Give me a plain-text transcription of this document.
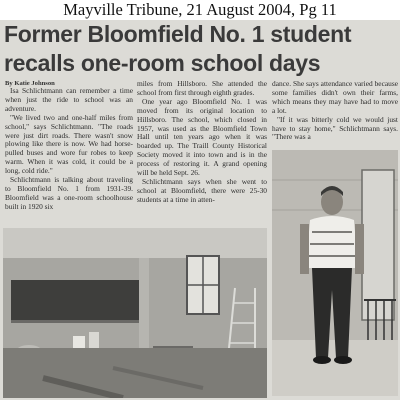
Mayville Tribune, 21 August 2004, Pg 11
Former Bloomfield No. 1 student
recalls one-room school days
By Katie Johnson

Isa Schlichtmann can remember a time when just the ride to school was an adventure.

"We lived two and one-half miles from school," says Schlichtmann. "The roads were just dirt roads. There wasn't snow plowing like there is now. We had horse-pulled buses and wore fur robes to keep warm. When it was cold, it could be a long, cold ride."

Schlichtmann is talking about traveling to Bloomfield No. 1 from 1931-39. Bloomfield was a one-room schoolhouse built in 1920 six

miles from Hillsboro. She attended the school from first through eighth grades.

One year ago Bloomfield No. 1 was moved from its original location to Hillsboro. The school, which closed in 1957, was used as the Bloomfield Town Hall until ten years ago when it was boarded up. The Traill County Historical Society moved it into town and is in the process of restoring it. A grand opening will be held Sept. 26.

Schlichtmann says when she went to school at Bloomfield, there were 25-30 students at a time in atten-

dance. She says attendance varied because some families didn't own their farms, which means they may have had to move a lot.

"If it was bitterly cold we would just have to stay home," Schlichtmann says. "There was a
